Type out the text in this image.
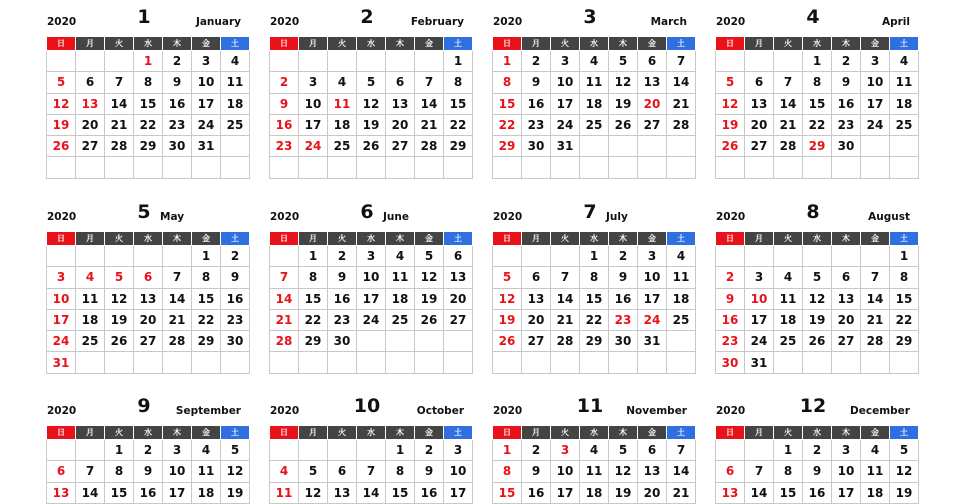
2020	1	January
日	月	火	水	木	金	土
			1	2	3	4
5	6	7	8	9	10	11
12	13	14	15	16	17	18
19	20	21	22	23	24	25
26	27	28	29	30	31	

2020	2	February
日	月	火	水	木	金	土
						1
2	3	4	5	6	7	8
9	10	11	12	13	14	15
16	17	18	19	20	21	22
23	24	25	26	27	28	29

2020	3	March
日	月	火	水	木	金	土
1	2	3	4	5	6	7
8	9	10	11	12	13	14
15	16	17	18	19	20	21
22	23	24	25	26	27	28
29	30	31				

2020	4	April
日	月	火	水	木	金	土
			1	2	3	4
5	6	7	8	9	10	11
12	13	14	15	16	17	18
19	20	21	22	23	24	25
26	27	28	29	30		

2020	5 May
日	月	火	水	木	金	土
					1	2
3	4	5	6	7	8	9
10	11	12	13	14	15	16
17	18	19	20	21	22	23
24	25	26	27	28	29	30
31						
2020	6 June
日	月	火	水	木	金	土
	1	2	3	4	5	6
7	8	9	10	11	12	13
14	15	16	17	18	19	20
21	22	23	24	25	26	27
28	29	30				

2020	7 July
日	月	火	水	木	金	土
			1	2	3	4
5	6	7	8	9	10	11
12	13	14	15	16	17	18
19	20	21	22	23	24	25
26	27	28	29	30	31	

2020	8	August
日	月	火	水	木	金	土
						1
2	3	4	5	6	7	8
9	10	11	12	13	14	15
16	17	18	19	20	21	22
23	24	25	26	27	28	29
30	31					
2020	9	September
日	月	火	水	木	金	土
		1	2	3	4	5
6	7	8	9	10	11	12
13	14	15	16	17	18	19
2020	10	October
日	月	火	水	木	金	土
				1	2	3
4	5	6	7	8	9	10
11	12	13	14	15	16	17
2020	11 November
日	月	火	水	木	金	土
1	2	3	4	5	6	7
8	9	10	11	12	13	14
15	16	17	18	19	20	21
2020	12 December
日	月	火	水	木	金	土
		1	2	3	4	5
6	7	8	9	10	11	12
13	14	15	16	17	18	19
